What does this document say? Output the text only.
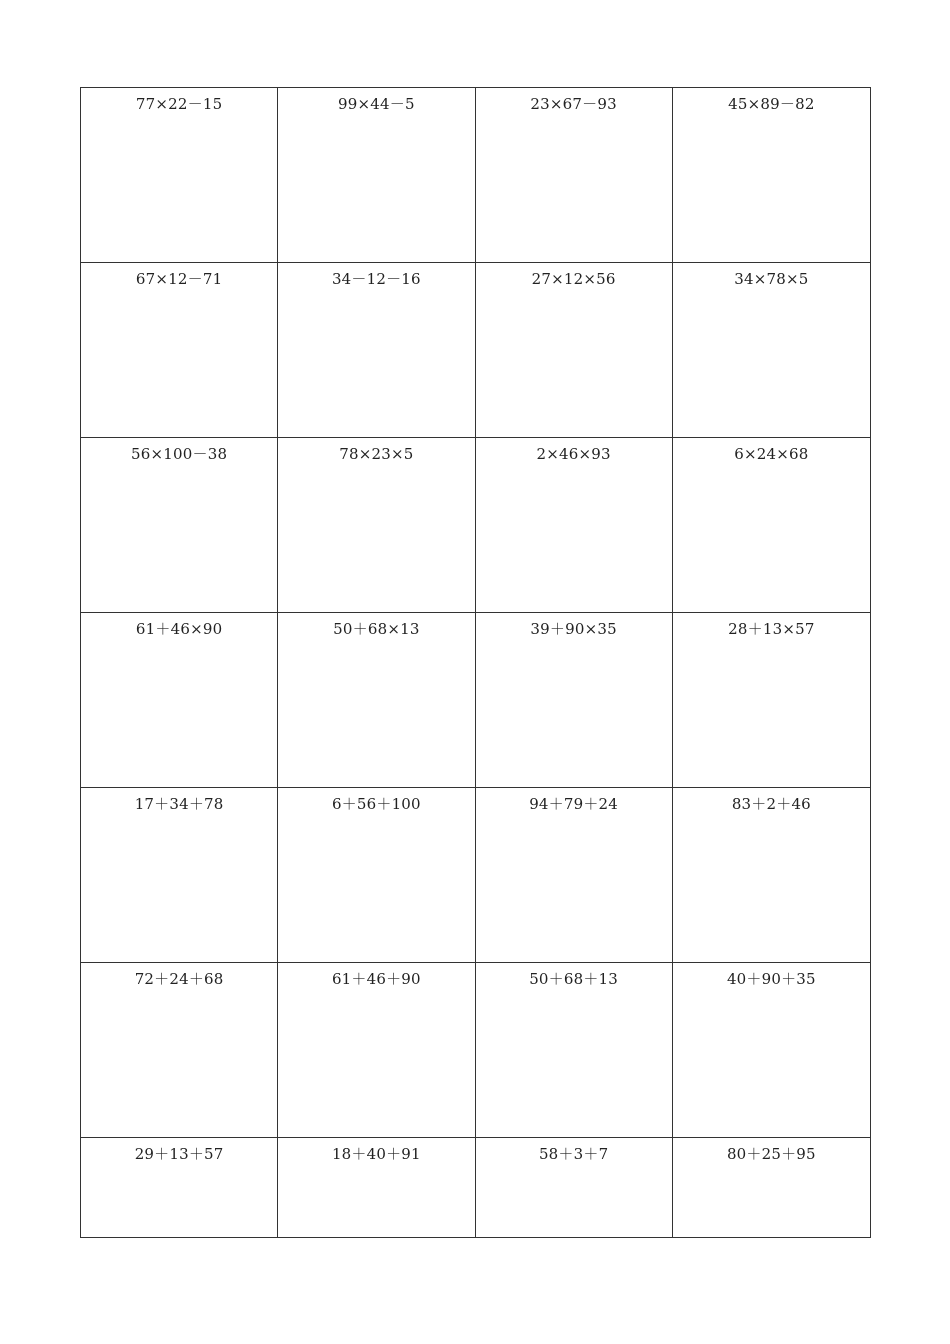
77×22－15	99×44－5	23×67－93	45×89－82
67×12－71	34－12－16	27×12×56	34×78×5
56×100－38	78×23×5	2×46×93	6×24×68
61＋46×90	50＋68×13	39＋90×35	28＋13×57
17＋34＋78	6＋56＋100	94＋79＋24	83＋2＋46
72＋24＋68	61＋46＋90	50＋68＋13	40＋90＋35
29＋13＋57	18＋40＋91	58＋3＋7	80＋25＋95
